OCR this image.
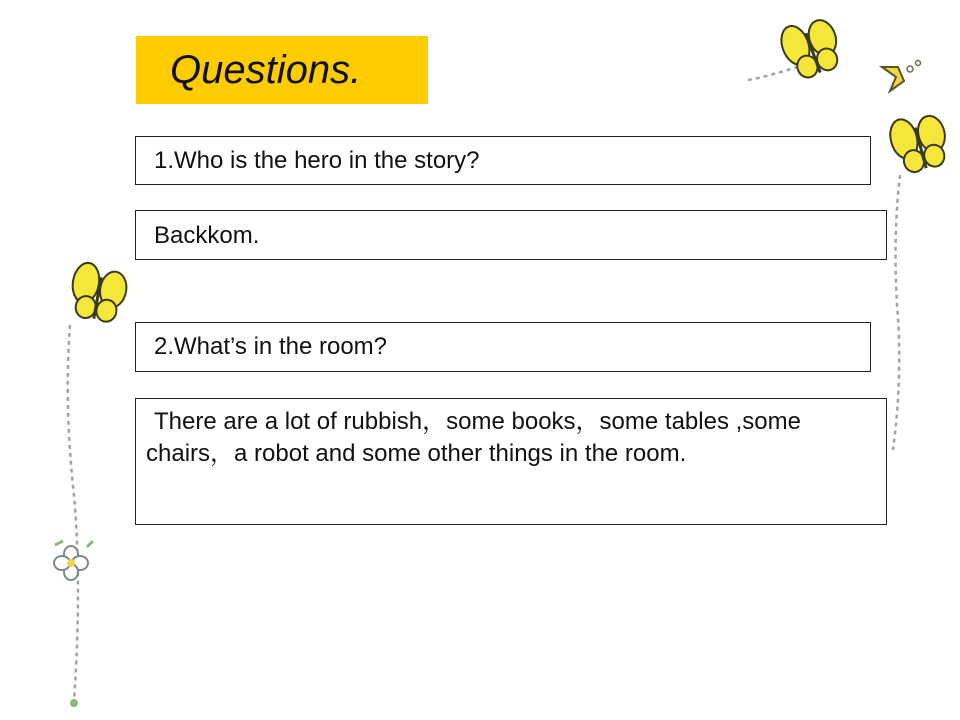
Questions.
1.Who is the hero in the story?
Backkom.
2.What’s in the room?
There are a lot of rubbish，some books，some tables ,some chairs，a robot and some other things in the room.
